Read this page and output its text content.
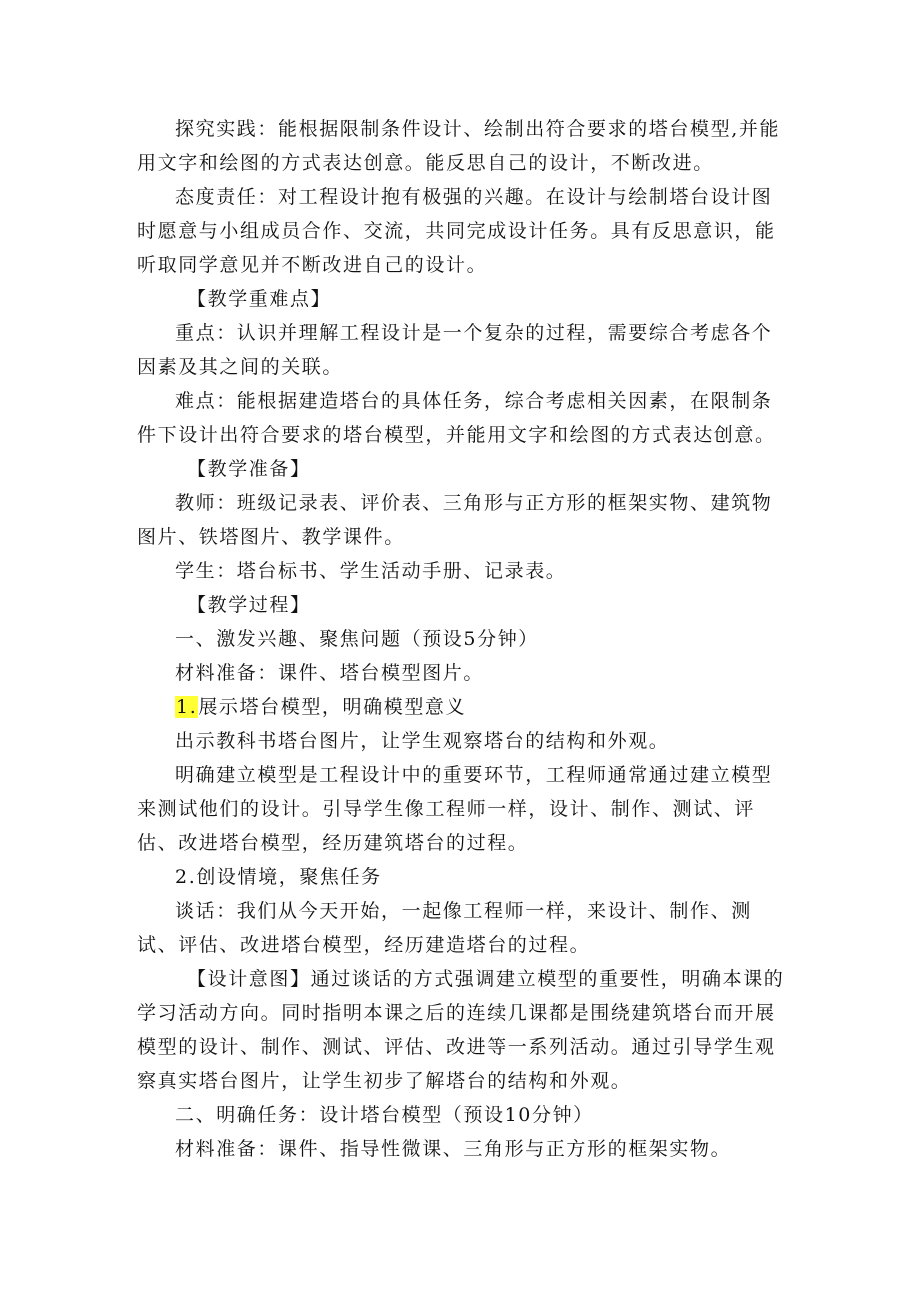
探究实践：能根据限制条件设计、绘制出符合要求的塔台模型,并能用文字和绘图的方式表达创意。能反思自己的设计，不断改进。

态度责任：对工程设计抱有极强的兴趣。在设计与绘制塔台设计图时愿意与小组成员合作、交流，共同完成设计任务。具有反思意识，能听取同学意见并不断改进自己的设计。

【教学重难点】

重点：认识并理解工程设计是一个复杂的过程，需要综合考虑各个因素及其之间的关联。

难点：能根据建造塔台的具体任务，综合考虑相关因素，在限制条件下设计出符合要求的塔台模型，并能用文字和绘图的方式表达创意。

【教学准备】

教师：班级记录表、评价表、三角形与正方形的框架实物、建筑物图片、铁塔图片、教学课件。

学生：塔台标书、学生活动手册、记录表。

【教学过程】

一、激发兴趣、聚焦问题（预设5分钟）

材料准备：课件、塔台模型图片。

1.展示塔台模型，明确模型意义

出示教科书塔台图片，让学生观察塔台的结构和外观。

明确建立模型是工程设计中的重要环节，工程师通常通过建立模型来测试他们的设计。引导学生像工程师一样，设计、制作、测试、评估、改进塔台模型，经历建筑塔台的过程。

2.创设情境，聚焦任务

谈话：我们从今天开始，一起像工程师一样，来设计、制作、测试、评估、改进塔台模型，经历建造塔台的过程。

【设计意图】通过谈话的方式强调建立模型的重要性，明确本课的学习活动方向。同时指明本课之后的连续几课都是围绕建筑塔台而开展模型的设计、制作、测试、评估、改进等一系列活动。通过引导学生观察真实塔台图片，让学生初步了解塔台的结构和外观。

二、明确任务：设计塔台模型（预设10分钟）

材料准备：课件、指导性微课、三角形与正方形的框架实物。
